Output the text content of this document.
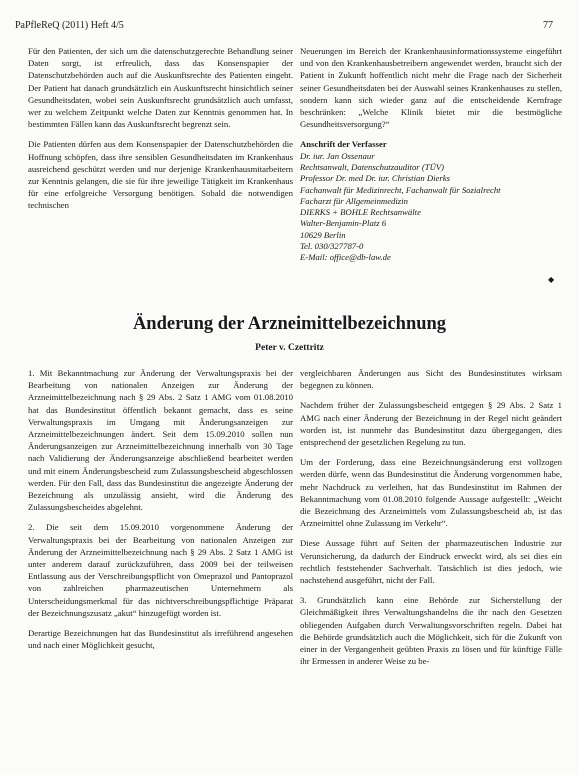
PaPfleReQ (2011) Heft 4/5	77

Für den Patienten, der sich um die datenschutzgerechte Behandlung seiner Daten sorgt, ist erfreulich, dass das Konsenspapier der Datenschutzbehörden auch auf die Auskunftsrechte des Patienten eingeht. Der Patient hat danach grundsätzlich ein Auskunftsrecht hinsichtlich seiner Gesundheitsdaten, wobei sein Auskunftsrecht grundsätzlich auch umfasst, wer zu welchem Zeitpunkt welche Daten zur Kenntnis genommen hat. In bestimmten Fällen kann das Auskunftsrecht begrenzt sein.

Die Patienten dürfen aus dem Konsenspapier der Datenschutzbehörden die Hoffnung schöpfen, dass ihre sensiblen Gesundheitsdaten im Krankenhaus ausreichend geschützt werden und nur derjenige Krankenhausmitarbeitern zur Kenntnis gelangen, die sie für ihre jeweilige Tätigkeit im Krankenhaus für eine erfolgreiche Versorgung benötigen. Sobald die notwendigen technischen

Neuerungen im Bereich der Krankenhausinformationssysteme eingeführt und von den Krankenhausbetreibern angewendet werden, braucht sich der Patient in Zukunft hoffentlich nicht mehr die Frage nach der Sicherheit seiner Gesundheitsdaten bei der Auswahl seines Krankenhauses zu stellen, sondern kann sich wieder ganz auf die entscheidende Kernfrage beschränken: „Welche Klinik bietet mir die bestmögliche Gesundheitsversorgung?“

Anschrift der Verfasser
Dr. iur. Jan Ossenaur
Rechtsanwalt, Datenschutzauditor (TÜV)
Professor Dr. med Dr. iur. Christian Dierks
Fachanwalt für Medizinrecht, Fachanwalt für Sozialrecht
Facharzt für Allgemeinmedizin
DIERKS + BOHLE Rechtsanwälte
Walter-Benjamin-Platz 6
10629 Berlin
Tel. 030/327787-0
E-Mail: office@db-law.de
◆
Änderung der Arzneimittelbezeichnung
Peter v. Czettritz

1. Mit Bekanntmachung zur Änderung der Verwaltungspraxis bei der Bearbeitung von nationalen Anzeigen zur Änderung der Arzneimittelbezeichnung nach § 29 Abs. 2 Satz 1 AMG vom 01.08.2010 hat das Bundesinstitut öffentlich bekannt gemacht, dass es seine Verwaltungspraxis im Umgang mit Änderungsanzeigen zur Arzneimittelbezeichnungen ändert. Seit dem 15.09.2010 sollen nun Änderungsanzeigen zur Arzneimittelbezeichnung innerhalb von 30 Tage nach Validierung der Änderungsanzeige abschließend bearbeitet werden und mit einem Änderungsbescheid zum Zulassungsbescheid abgeschlossen werden. Für den Fall, dass das Bundesinstitut die angezeigte Änderung der Bezeichnung als unzulässig ansieht, wird die Änderung des Zulassungsbescheides abgelehnt.

2. Die seit dem 15.09.2010 vorgenommene Änderung der Verwaltungspraxis bei der Bearbeitung von nationalen Anzeigen zur Änderung der Arzneimittelbezeichnung nach § 29 Abs. 2 Satz 1 AMG ist unter anderem darauf zurückzuführen, dass 2009 bei der teilweisen Entlassung aus der Verschreibungspflicht von Omeprazol und Pantoprazol von zahlreichen pharmazeutischen Unternehmern als Unterscheidungsmerkmal für das nichtverschreibungspflichtige Präparat der Bezeichnungszusatz „akut“ hinzugefügt worden ist.

Derartige Bezeichnungen hat das Bundesinstitut als irreführend angesehen und nach einer Möglichkeit gesucht,

vergleichbaren Änderungen aus Sicht des Bundesinstitutes wirksam begegnen zu können.

Nachdem früher der Zulassungsbescheid entgegen § 29 Abs. 2 Satz 1 AMG nach einer Änderung der Bezeichnung in der Regel nicht geändert worden ist, ist nunmehr das Bundesinstitut dazu übergegangen, dies entsprechend der gesetzlichen Regelung zu tun.

Um der Forderung, dass eine Bezeichnungsänderung erst vollzogen werden dürfe, wenn das Bundesinstitut die Änderung vorgenommen habe, mehr Nachdruck zu verleihen, hat das Bundesinstitut im Rahmen der Bekanntmachung vom 01.08.2010 folgende Aussage aufgestellt: „Weicht die Bezeichnung des Arzneimittels vom Zulassungsbescheid ab, ist das Arzneimittel ohne Zulassung im Verkehr“.

Diese Aussage führt auf Seiten der pharmazeutischen Industrie zur Verunsicherung, da dadurch der Eindruck erweckt wird, als sei dies ein rechtlich feststehender Sachverhalt. Tatsächlich ist dies jedoch, wie nachstehend ausgeführt, nicht der Fall.

3. Grundsätzlich kann eine Behörde zur Sicherstellung der Gleichmäßigkeit ihres Verwaltungshandelns die ihr nach den Gesetzen obliegenden Aufgaben durch Verwaltungsvorschriften regeln. Dabei hat die Behörde grundsätzlich auch die Möglichkeit, sich für die Zukunft von einer in der Vergangenheit geübten Praxis zu lösen und für künftige Fälle ihr Ermessen in anderer Weise zu be-
